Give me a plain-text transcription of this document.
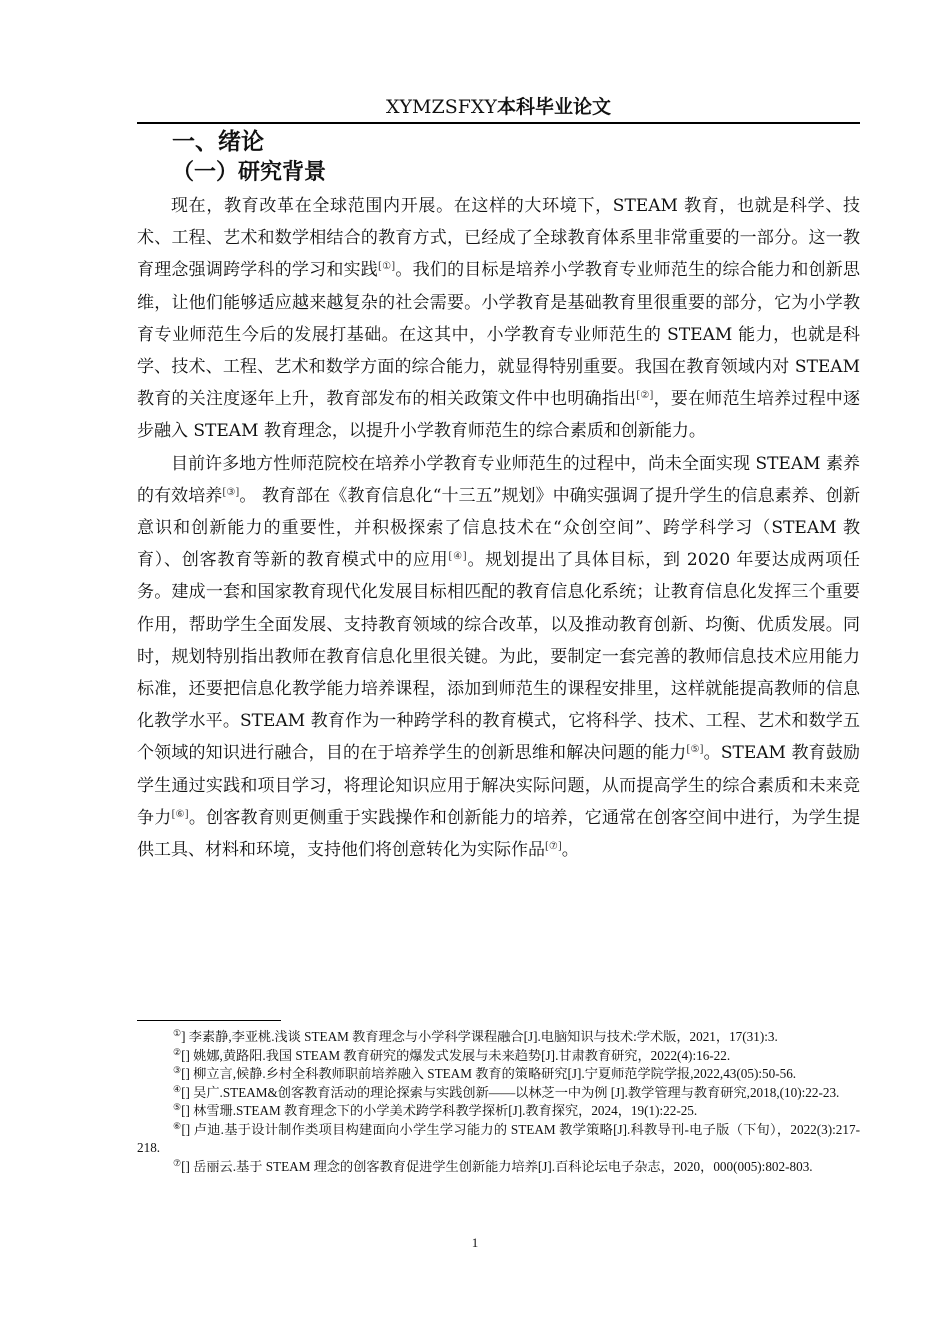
XYMZSFXY本科毕业论文
一、绪论
（一）研究背景

现在，教育改革在全球范围内开展。在这样的大环境下，STEAM 教育，也就是科学、技术、工程、艺术和数学相结合的教育方式，已经成了全球教育体系里非常重要的一部分。这一教育理念强调跨学科的学习和实践[①]。我们的目标是培养小学教育专业师范生的综合能力和创新思维，让他们能够适应越来越复杂的社会需要。小学教育是基础教育里很重要的部分，它为小学教育专业师范生今后的发展打基础。在这其中，小学教育专业师范生的 STEAM 能力，也就是科学、技术、工程、艺术和数学方面的综合能力，就显得特别重要。我国在教育领域内对 STEAM 教育的关注度逐年上升，教育部发布的相关政策文件中也明确指出[②]，要在师范生培养过程中逐步融入 STEAM 教育理念，以提升小学教育师范生的综合素质和创新能力。

目前许多地方性师范院校在培养小学教育专业师范生的过程中，尚未全面实现 STEAM 素养的有效培养[③]。 教育部在《教育信息化“十三五”规划》中确实强调了提升学生的信息素养、创新意识和创新能力的重要性，并积极探索了信息技术在“众创空间”、跨学科学习（STEAM 教育）、创客教育等新的教育模式中的应用[④]。规划提出了具体目标，到 2020 年要达成两项任务。建成一套和国家教育现代化发展目标相匹配的教育信息化系统；让教育信息化发挥三个重要作用，帮助学生全面发展、支持教育领域的综合改革，以及推动教育创新、均衡、优质发展。同时，规划特别指出教师在教育信息化里很关键。为此，要制定一套完善的教师信息技术应用能力标准，还要把信息化教学能力培养课程，添加到师范生的课程安排里，这样就能提高教师的信息化教学水平。STEAM 教育作为一种跨学科的教育模式，它将科学、技术、工程、艺术和数学五个领域的知识进行融合，目的在于培养学生的创新思维和解决问题的能力[⑤]。STEAM 教育鼓励学生通过实践和项目学习，将理论知识应用于解决实际问题，从而提高学生的综合素质和未来竞争力[⑥]。创客教育则更侧重于实践操作和创新能力的培养，它通常在创客空间中进行，为学生提供工具、材料和环境，支持他们将创意转化为实际作品[⑦]。

①] 李素静,李亚桃.浅谈 STEAM 教育理念与小学科学课程融合[J].电脑知识与技术:学术版，2021，17(31):3.

②[] 姚娜,黄路阳.我国 STEAM 教育研究的爆发式发展与未来趋势[J].甘肃教育研究，2022(4):16-22.

③[] 柳立言,候静.乡村全科教师职前培养融入 STEAM 教育的策略研究[J].宁夏师范学院学报,2022,43(05):50-56.

④[] 吴广.STEAM&创客教育活动的理论探索与实践创新——以林芝一中为例 [J].教学管理与教育研究,2018,(10):22-23.

⑤[] 林雪珊.STEAM 教育理念下的小学美术跨学科教学探析[J].教育探究，2024，19(1):22-25.

⑥[] 卢迪.基于设计制作类项目构建面向小学生学习能力的 STEAM 教学策略[J].科教导刊-电子版（下旬），2022(3):217-218.

⑦[] 岳丽云.基于 STEAM 理念的创客教育促进学生创新能力培养[J].百科论坛电子杂志，2020，000(005):802-803.

1
